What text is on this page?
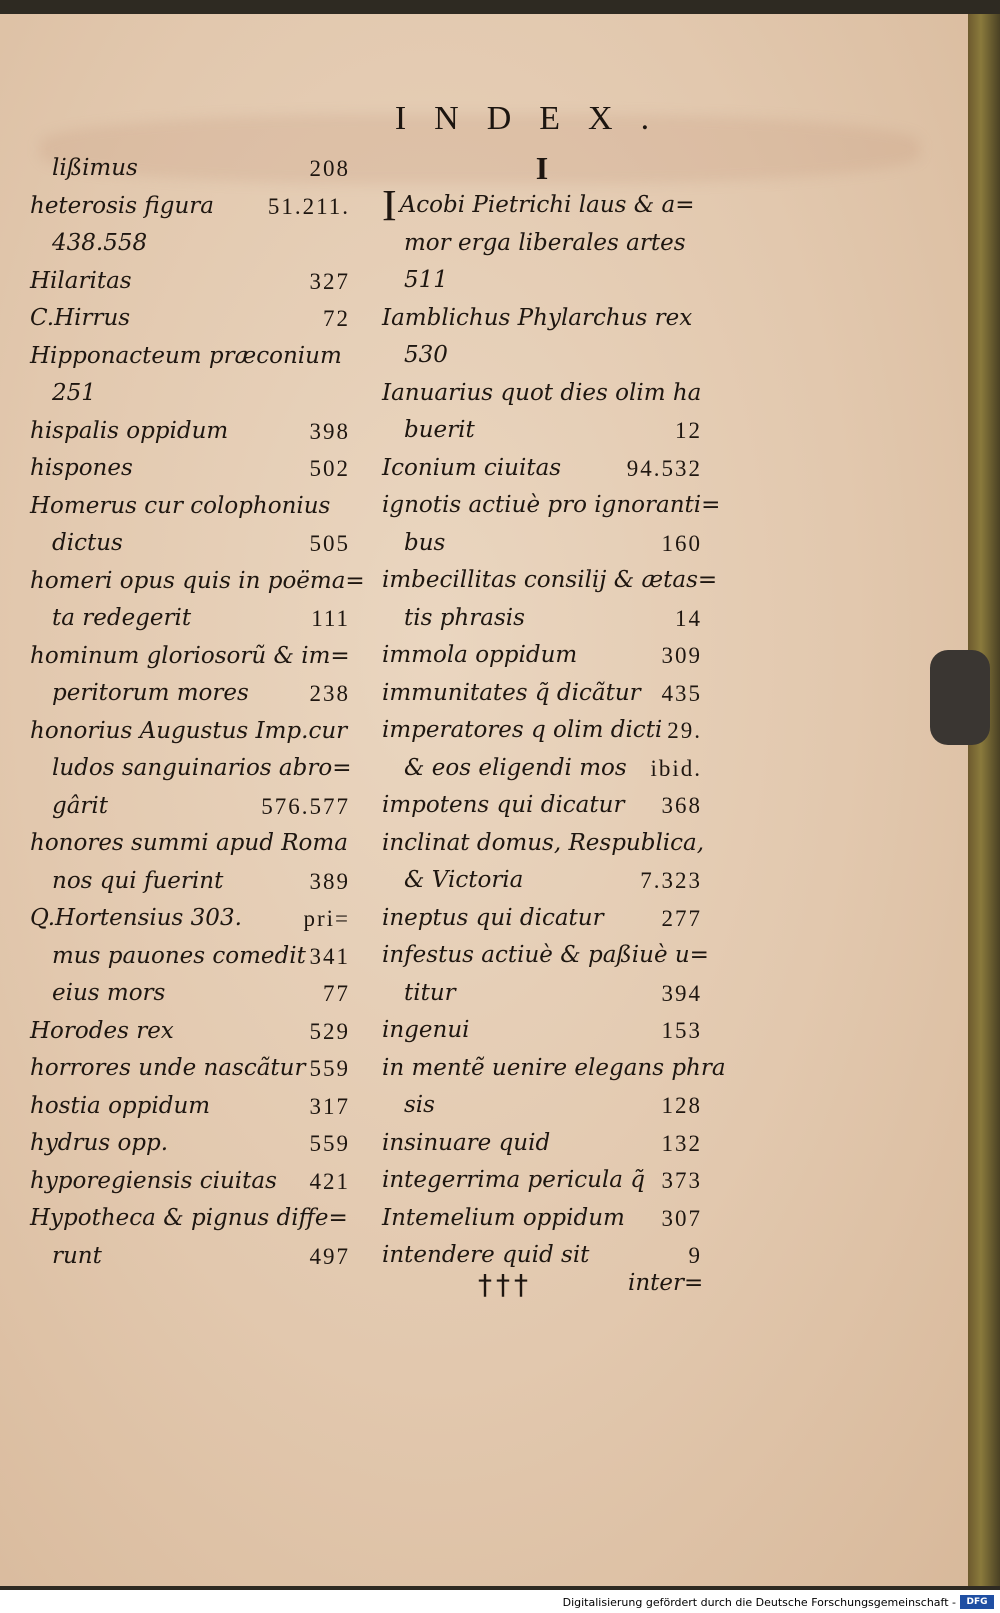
INDEX.
lißimus	208
heterosis figura 51.211.
438.558
Hilaritas	327
C.Hirrus	72
Hipponacteum præconium
251
hispalis oppidum	398
hispones	502
Homerus cur colophonius
dictus	505
homeri opus quis in poëma=
ta redegerit	111
hominum gloriosorũ & im=
peritorum mores	238
honorius Augustus Imp.cur
ludos sanguinarios abro=
gârit	576.577
honores summi apud Roma
nos qui fuerint	389
Q.Hortensius 303.	pri=
mus pauones comedit 341
eius mors	77
Horodes rex	529
horrores unde nascãtur 559
hostia oppidum	317
hydrus opp.	559
hyporegiensis ciuitas 421
Hypotheca & pignus diffe=
runt	497
I
I Acobi Pietrichi laus & a=
mor erga liberales artes
511
Iamblichus Phylarchus rex
530
Ianuarius quot dies olim ha
buerit	12
Iconium ciuitas	94.532
ignotis actiuè pro ignoranti=
bus	160
imbecillitas consilij & ætas=
tis phrasis	14
immola oppidum	309
immunitates q̃ dicãtur 435
imperatores q olim dicti 29.
& eos eligendi mos ibid.
impotens qui dicatur 368
inclinat domus, Respublica,
& Victoria	7.323
ineptus qui dicatur	277
infestus actiuè & paßiuè u=
titur	394
ingenui	153
in mentẽ uenire elegans phra
sis	128
insinuare quid	132
integerrima pericula q̃ 373
Intemelium oppidum 307
intendere quid sit	9
†††	inter=
Digitalisierung gefördert durch die Deutsche Forschungsgemeinschaft -	DFG
